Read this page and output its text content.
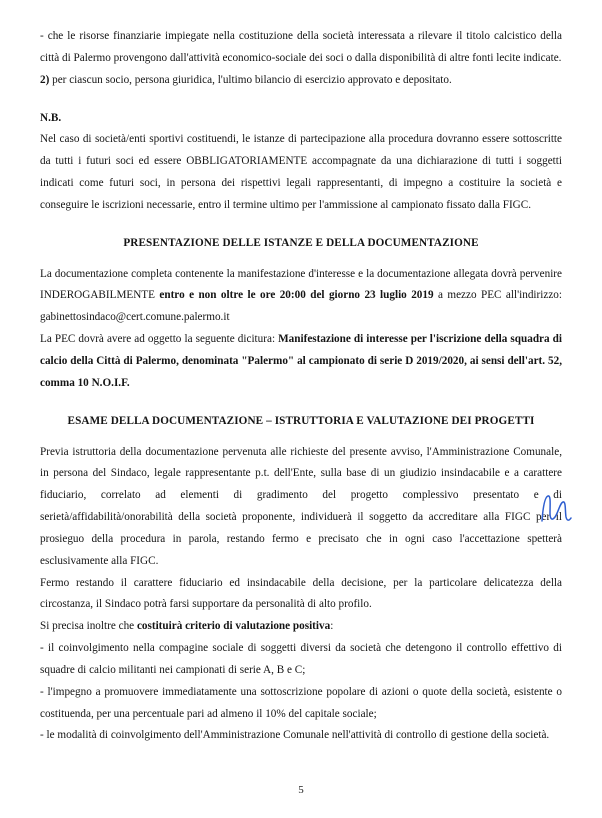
- che le risorse finanziarie impiegate nella costituzione della società interessata a rilevare il titolo calcistico della città di Palermo provengono dall'attività economico-sociale dei soci o dalla disponibilità di altre fonti lecite indicate.

2) per ciascun socio, persona giuridica, l'ultimo bilancio di esercizio approvato e depositato.

N.B.

Nel caso di società/enti sportivi costituendi, le istanze di partecipazione alla procedura dovranno essere sottoscritte da tutti i futuri soci ed essere OBBLIGATORIAMENTE accompagnate da una dichiarazione di tutti i soggetti indicati come futuri soci, in persona dei rispettivi legali rappresentanti, di impegno a costituire la società e conseguire le iscrizioni necessarie, entro il termine ultimo per l'ammissione al campionato fissato dalla FIGC.

PRESENTAZIONE DELLE ISTANZE E DELLA DOCUMENTAZIONE

La documentazione completa contenente la manifestazione d'interesse e la documentazione allegata dovrà pervenire INDEROGABILMENTE entro e non oltre le ore 20:00 del giorno 23 luglio 2019 a mezzo PEC all'indirizzo: gabinettosindaco@cert.comune.palermo.it

La PEC dovrà avere ad oggetto la seguente dicitura: Manifestazione di interesse per l'iscrizione della squadra di calcio della Città di Palermo, denominata "Palermo" al campionato di serie D 2019/2020, ai sensi dell'art. 52, comma 10 N.O.I.F.

ESAME DELLA DOCUMENTAZIONE – ISTRUTTORIA E VALUTAZIONE DEI PROGETTI

Previa istruttoria della documentazione pervenuta alle richieste del presente avviso, l'Amministrazione Comunale, in persona del Sindaco, legale rappresentante p.t. dell'Ente, sulla base di un giudizio insindacabile e a carattere fiduciario, correlato ad elementi di gradimento del progetto complessivo presentato e di serietà/affidabilità/onorabilità della società proponente, individuerà il soggetto da accreditare alla FIGC per il prosieguo della procedura in parola, restando fermo e precisato che in ogni caso l'accettazione spetterà esclusivamente alla FIGC.

Fermo restando il carattere fiduciario ed insindacabile della decisione, per la particolare delicatezza della circostanza, il Sindaco potrà farsi supportare da personalità di alto profilo.

Si precisa inoltre che costituirà criterio di valutazione positiva:

- il coinvolgimento nella compagine sociale di soggetti diversi da società che detengono il controllo effettivo di squadre di calcio militanti nei campionati di serie A, B e C;

- l'impegno a promuovere immediatamente una sottoscrizione popolare di azioni o quote della società, esistente o costituenda, per una percentuale pari ad almeno il 10% del capitale sociale;

- le modalità di coinvolgimento dell'Amministrazione Comunale nell'attività di controllo di gestione della società.

5
